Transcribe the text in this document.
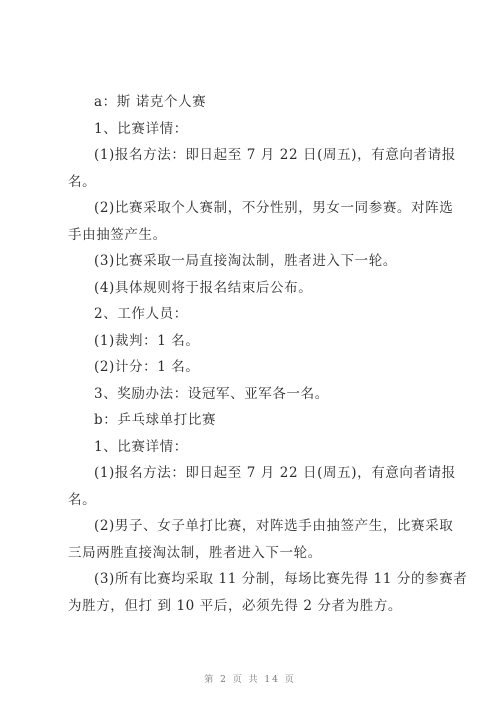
a：斯 诺克个人赛

1、比赛详情：

(1)报名方法：即日起至 7 月 22 日(周五)，有意向者请报

名。

(2)比赛采取个人赛制，不分性别，男女一同参赛。对阵选

手由抽签产生。

(3)比赛采取一局直接淘汰制，胜者进入下一轮。

(4)具体规则将于报名结束后公布。

2、工作人员：

(1)裁判：1 名。

(2)计分：1 名。

3、奖励办法：设冠军、亚军各一名。

b：乒乓球单打比赛

1、比赛详情：

(1)报名方法：即日起至 7 月 22 日(周五)，有意向者请报

名。

(2)男子、女子单打比赛，对阵选手由抽签产生，比赛采取

三局两胜直接淘汰制，胜者进入下一轮。

(3)所有比赛均采取 11 分制，每场比赛先得 11 分的参赛者

为胜方，但打 到 10 平后，必须先得 2 分者为胜方。

第 2 页 共 14 页
